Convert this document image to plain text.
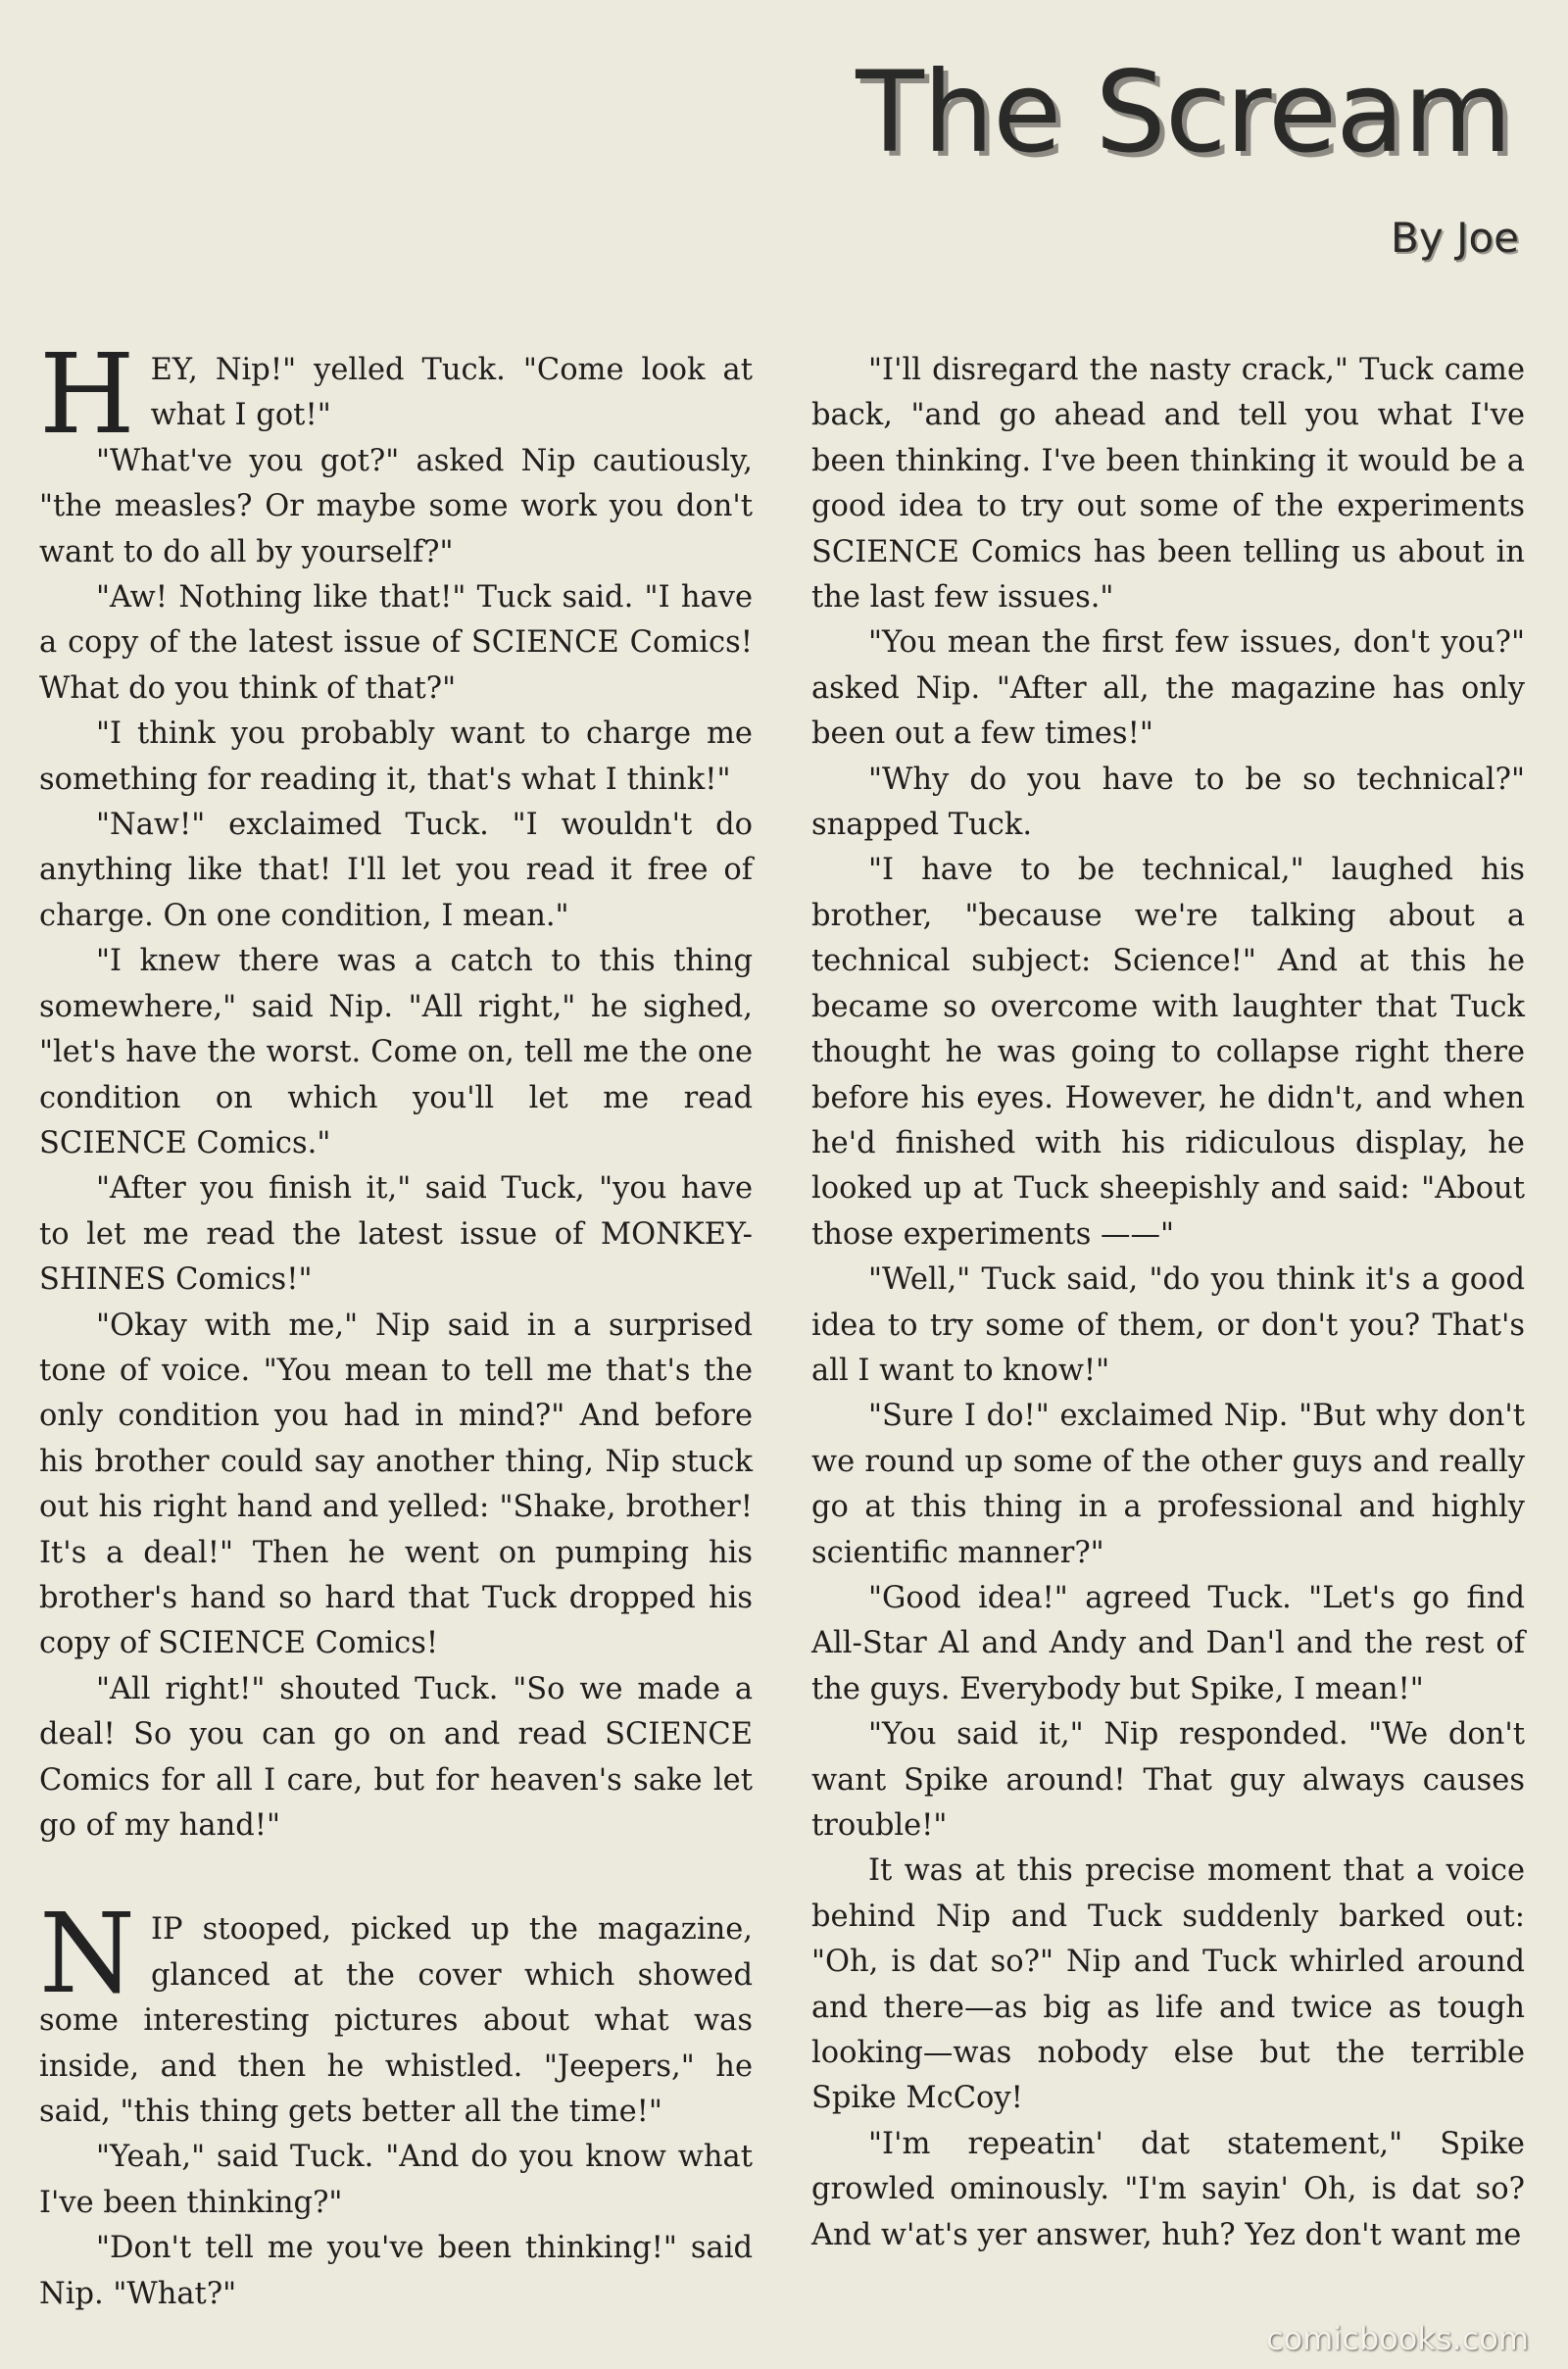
The Scream
By Joe

HEY, Nip!" yelled Tuck. "Come look at what I got!"

"What've you got?" asked Nip cautiously, "the measles? Or maybe some work you don't want to do all by yourself?"

"Aw! Nothing like that!" Tuck said. "I have a copy of the latest issue of SCIENCE Comics! What do you think of that?"

"I think you probably want to charge me something for reading it, that's what I think!"

"Naw!" exclaimed Tuck. "I wouldn't do anything like that! I'll let you read it free of charge. On one condition, I mean."

"I knew there was a catch to this thing somewhere," said Nip. "All right," he sighed, "let's have the worst. Come on, tell me the one condition on which you'll let me read SCIENCE Comics."

"After you finish it," said Tuck, "you have to let me read the latest issue of MONKEY-SHINES Comics!"

"Okay with me," Nip said in a surprised tone of voice. "You mean to tell me that's the only condition you had in mind?" And before his brother could say another thing, Nip stuck out his right hand and yelled: "Shake, brother! It's a deal!" Then he went on pumping his brother's hand so hard that Tuck dropped his copy of SCIENCE Comics!

"All right!" shouted Tuck. "So we made a deal! So you can go on and read SCIENCE Comics for all I care, but for heaven's sake let go of my hand!"

NIP stooped, picked up the magazine, glanced at the cover which showed some interesting pictures about what was inside, and then he whistled. "Jeepers," he said, "this thing gets better all the time!"

"Yeah," said Tuck. "And do you know what I've been thinking?"

"Don't tell me you've been thinking!" said Nip. "What?"

"I'll disregard the nasty crack," Tuck came back, "and go ahead and tell you what I've been thinking. I've been thinking it would be a good idea to try out some of the experiments SCIENCE Comics has been telling us about in the last few issues."

"You mean the first few issues, don't you?" asked Nip. "After all, the magazine has only been out a few times!"

"Why do you have to be so technical?" snapped Tuck.

"I have to be technical," laughed his brother, "because we're talking about a technical subject: Science!" And at this he became so overcome with laughter that Tuck thought he was going to collapse right there before his eyes. However, he didn't, and when he'd finished with his ridiculous display, he looked up at Tuck sheepishly and said: "About those experiments ——"

"Well," Tuck said, "do you think it's a good idea to try some of them, or don't you? That's all I want to know!"

"Sure I do!" exclaimed Nip. "But why don't we round up some of the other guys and really go at this thing in a professional and highly scientific manner?"

"Good idea!" agreed Tuck. "Let's go find All-Star Al and Andy and Dan'l and the rest of the guys. Everybody but Spike, I mean!"

"You said it," Nip responded. "We don't want Spike around! That guy always causes trouble!"

It was at this precise moment that a voice behind Nip and Tuck suddenly barked out: "Oh, is dat so?" Nip and Tuck whirled around and there—as big as life and twice as tough looking—was nobody else but the terrible Spike McCoy!

"I'm repeatin' dat statement," Spike growled ominously. "I'm sayin' Oh, is dat so? And w'at's yer answer, huh? Yez don't want me

comicbooks.com
